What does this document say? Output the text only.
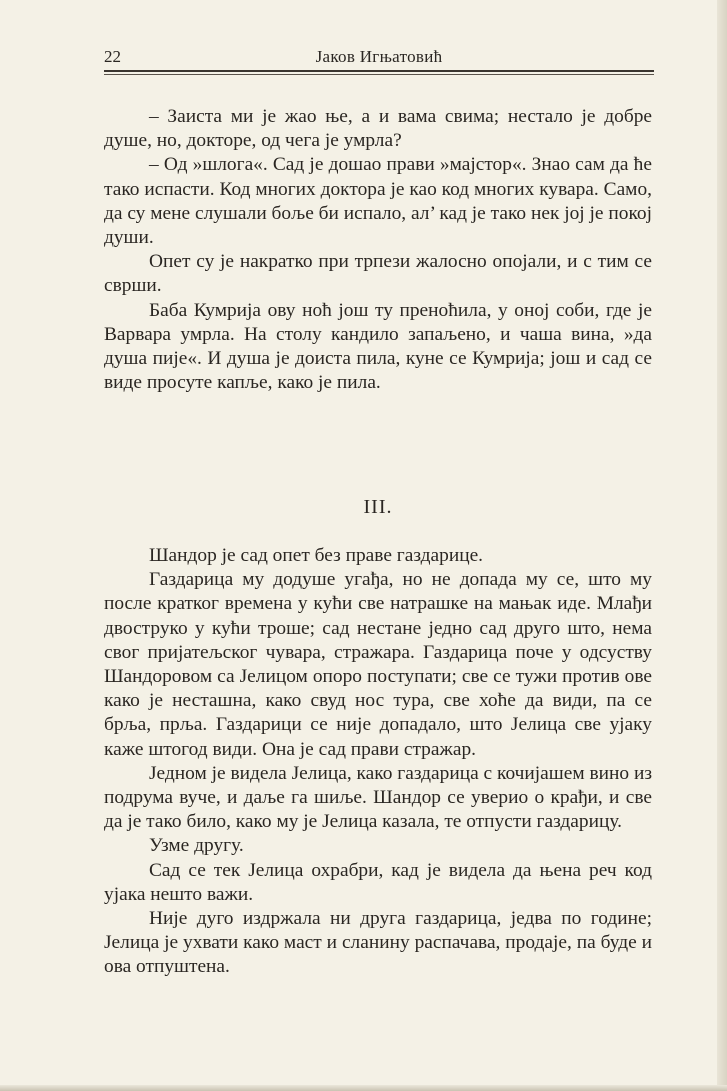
22	Јаков Игњатовић

– Заиста ми је жао ње, а и вама свима; нестало је добре душе, но, докторе, од чега је умрла?

– Од »шлога«. Сад је дошао прави »мајстор«. Знао сам да ће тако испасти. Код многих доктора је као код многих кувара. Само, да су мене слушали боље би испало, ал’ кад је тако нек јој је покој души.

Опет су је накратко при трпези жалосно опојали, и с тим се сврши.

Баба Кумрија ову ноћ још ту преноћила, у оној соби, где је Варвара умрла. На столу кандило запаљено, и чаша вина, »да душа пије«. И душа је доиста пила, куне се Кумрија; још и сад се виде просуте капље, како је пила.

III.

Шандор је сад опет без праве газдарице.

Газдарица му додуше угађа, но не допада му се, што му после кратког времена у кући све натрашке на мањак иде. Млађи двоструко у кући троше; сад нестане једно сад друго што, нема свог пријатељског чувара, стражара. Газдарица поче у одсуству Шандоровом са Јелицом опоро поступати; све се тужи против ове како је несташна, како свуд нос тура, све хоће да види, па се брља, прља. Газдарици се није допадало, што Јелица све ујаку каже штогод види. Она је сад прави стражар.

Једном је видела Јелица, како газдарица с кочијашем вино из подрума вуче, и даље га шиље. Шандор се уверио о крађи, и све да је тако било, како му је Јелица казала, те отпусти газдарицу.

Узме другу.

Сад се тек Јелица охрабри, кад је видела да њена реч код ујака нешто важи.

Није дуго издржала ни друга газдарица, једва по године; Јелица је ухвати како маст и сланину распачава, продаје, па буде и ова отпуштена.
